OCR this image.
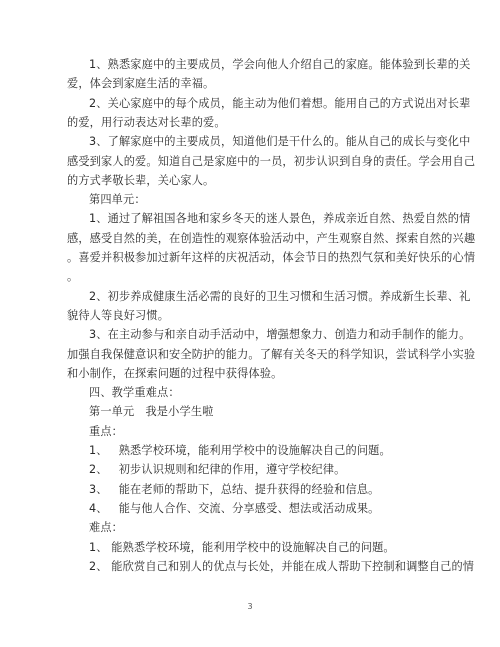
1、熟悉家庭中的主要成员，学会向他人介绍自己的家庭。能体验到长辈的关
爱，体会到家庭生活的幸福。
2、关心家庭中的每个成员，能主动为他们着想。能用自己的方式说出对长辈
的爱，用行动表达对长辈的爱。
3、了解家庭中的主要成员，知道他们是干什么的。能从自己的成长与变化中
感受到家人的爱。知道自己是家庭中的一员，初步认识到自身的责任。学会用自己
的方式孝敬长辈，关心家人。
第四单元：
1、通过了解祖国各地和家乡冬天的迷人景色，养成亲近自然、热爱自然的情
感，感受自然的美，在创造性的观察体验活动中，产生观察自然、探索自然的兴趣
。喜爱并积极参加过新年这样的庆祝活动，体会节日的热烈气氛和美好快乐的心情
。
2、初步养成健康生活必需的良好的卫生习惯和生活习惯。养成新生长辈、礼
貌待人等良好习惯。
3、在主动参与和亲自动手活动中，增强想象力、创造力和动手制作的能力。
加强自我保健意识和安全防护的能力。了解有关冬天的科学知识，尝试科学小实验
和小制作，在探索问题的过程中获得体验。
四、教学重难点：
第一单元   我是小学生啦
重点：
1、   熟悉学校环境，能利用学校中的设施解决自己的问题。
2、   初步认识规则和纪律的作用，遵守学校纪律。
3、   能在老师的帮助下，总结、提升获得的经验和信息。
4、   能与他人合作、交流、分享感受、想法或活动成果。
难点：
1、 能熟悉学校环境，能利用学校中的设施解决自己的问题。
2、 能欣赏自己和别人的优点与长处，并能在成人帮助下控制和调整自己的情
3
